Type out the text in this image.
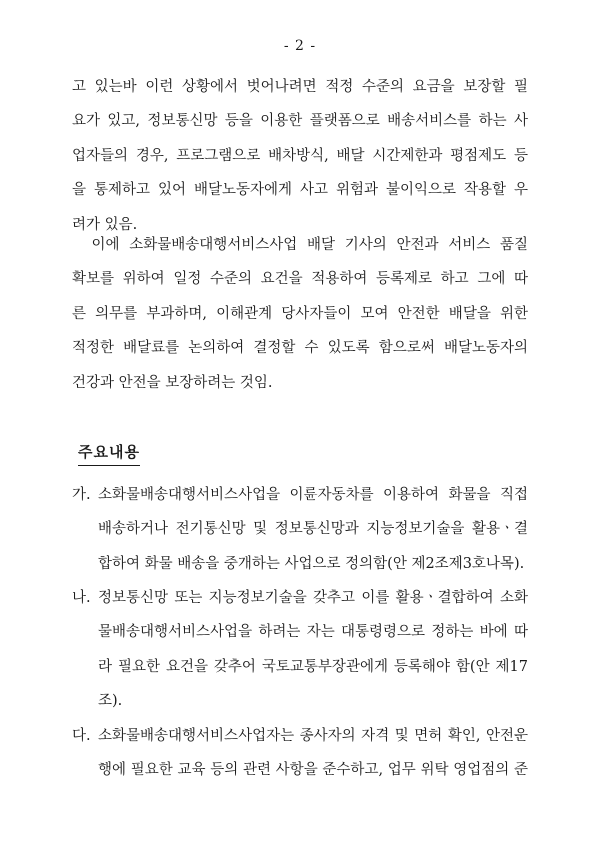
- 2 -
고 있는바 이런 상황에서 벗어나려면 적정 수준의 요금을 보장할 필
요가 있고, 정보통신망 등을 이용한 플랫폼으로 배송서비스를 하는 사
업자들의 경우, 프로그램으로 배차방식, 배달 시간제한과 평점제도 등
을 통제하고 있어 배달노동자에게 사고 위험과 불이익으로 작용할 우
려가 있음.
이에 소화물배송대행서비스사업 배달 기사의 안전과 서비스 품질
확보를 위하여 일정 수준의 요건을 적용하여 등록제로 하고 그에 따
른 의무를 부과하며, 이해관계 당사자들이 모여 안전한 배달을 위한
적정한 배달료를 논의하여 결정할 수 있도록 함으로써 배달노동자의
건강과 안전을 보장하려는 것임.
주요내용
가. 소화물배송대행서비스사업을 이륜자동차를 이용하여 화물을 직접
배송하거나 전기통신망 및 정보통신망과 지능정보기술을 활용ㆍ결
합하여 화물 배송을 중개하는 사업으로 정의함(안 제2조제3호나목).
나. 정보통신망 또는 지능정보기술을 갖추고 이를 활용ㆍ결합하여 소화
물배송대행서비스사업을 하려는 자는 대통령령으로 정하는 바에 따
라 필요한 요건을 갖추어 국토교통부장관에게 등록해야 함(안 제17
조).
다. 소화물배송대행서비스사업자는 종사자의 자격 및 면허 확인, 안전운
행에 필요한 교육 등의 관련 사항을 준수하고, 업무 위탁 영업점의 준
